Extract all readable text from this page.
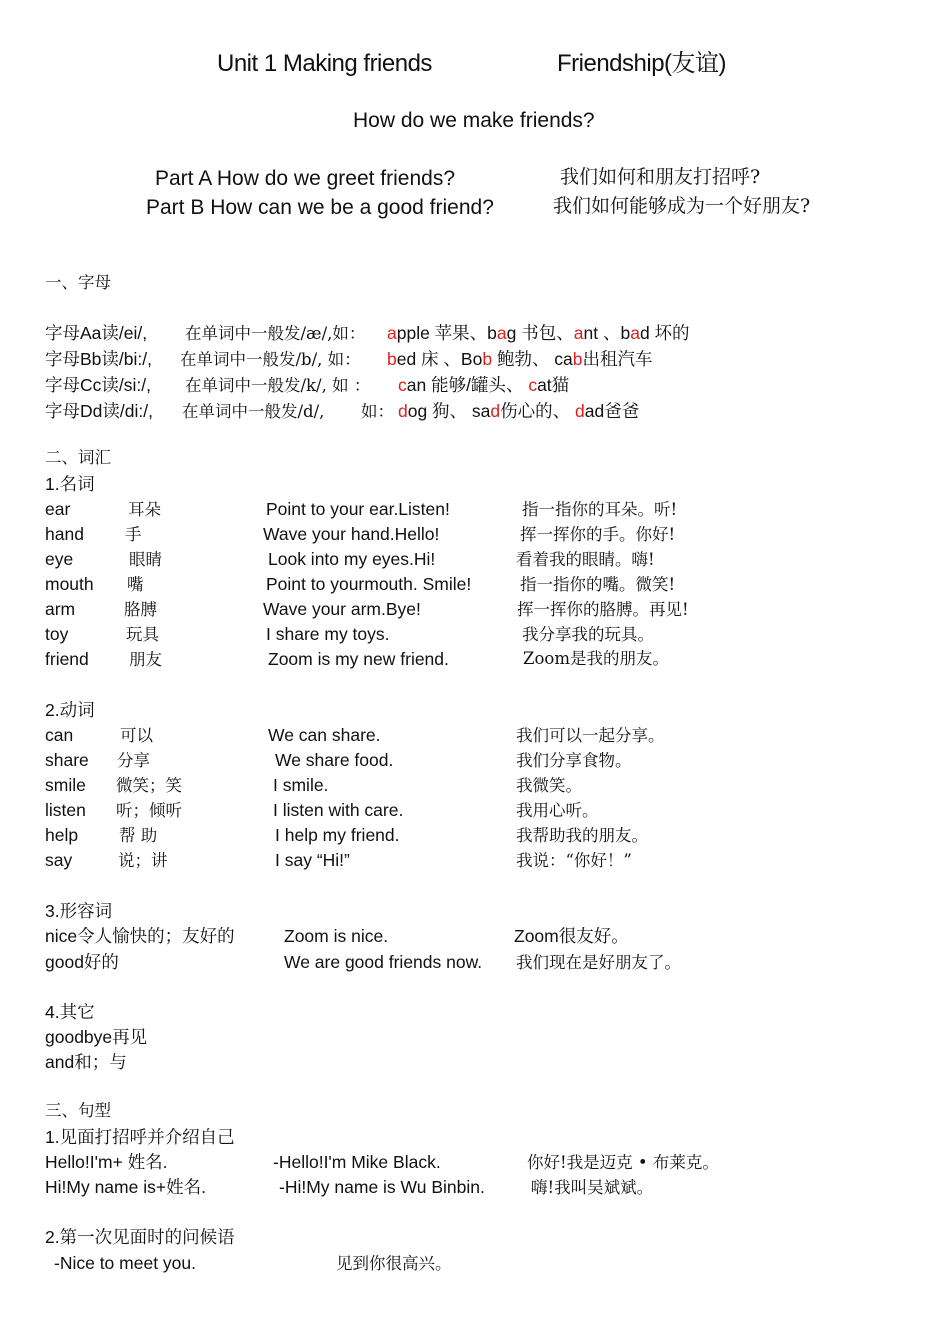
Unit 1 Making friends	Friendship(友谊)
How do we make friends?
Part A How do we greet friends?	我们如何和朋友打招呼?
Part B How can we be a good friend?	我们如何能够成为一个好朋友?
一、字母
字母Aa读/ei/, 在单词中一般发/æ/,如： apple 苹果、bag 书包、ant 、bad 坏的
字母Bb读/bi:/, 在单词中一般发/b/, 如： bed 床 、Bob 鲍勃、 cab出租汽车
字母Cc读/si:/, 在单词中一般发/k/, 如 ： can 能够/罐头、 cat猫
字母Dd读/di:/, 在单词中一般发/d/, 如： dog 狗、 sad伤心的、 dad爸爸
二、词汇
1.名词
ear	耳朵	Point to your ear.Listen!	指一指你的耳朵。听!
hand 手	Wave your hand.Hello!	挥一挥你的手。你好!
eye	眼睛	Look into my eyes.Hi!	看着我的眼睛。嗨!
mouth 嘴	Point to yourmouth. Smile!	指一指你的嘴。微笑!
arm	胳膊	Wave your arm.Bye!	挥一挥你的胳膊。再见!
toy	玩具	I share my toys.	我分享我的玩具。
friend 朋友	Zoom is my new friend.	Zoom是我的朋友。
2.动词
can	可以	We can share.	我们可以一起分享。
share 分享	We share food.	我们分享食物。
smile 微笑；笑	I smile.	我微笑。
listen 听；倾听	I listen with care.	我用心听。
help 帮 助	I help my friend.	我帮助我的朋友。
say	说；讲	I say “Hi!”	我说：“你好！”
3.形容词
nice令人愉快的；友好的	Zoom is nice.	Zoom很友好。
good好的	We are good friends now. 我们现在是好朋友了。
4.其它
goodbye再见
and和；与
三、句型
1.见面打招呼并介绍自己
Hello!I'm+ 姓名.	-Hello!I'm Mike Black.	你好!我是迈克 • 布莱克。
Hi!My name is+姓名.	-Hi!My name is Wu Binbin.	嗨!我叫吴斌斌。
2.第一次见面时的问候语
-Nice to meet you.	见到你很高兴。
